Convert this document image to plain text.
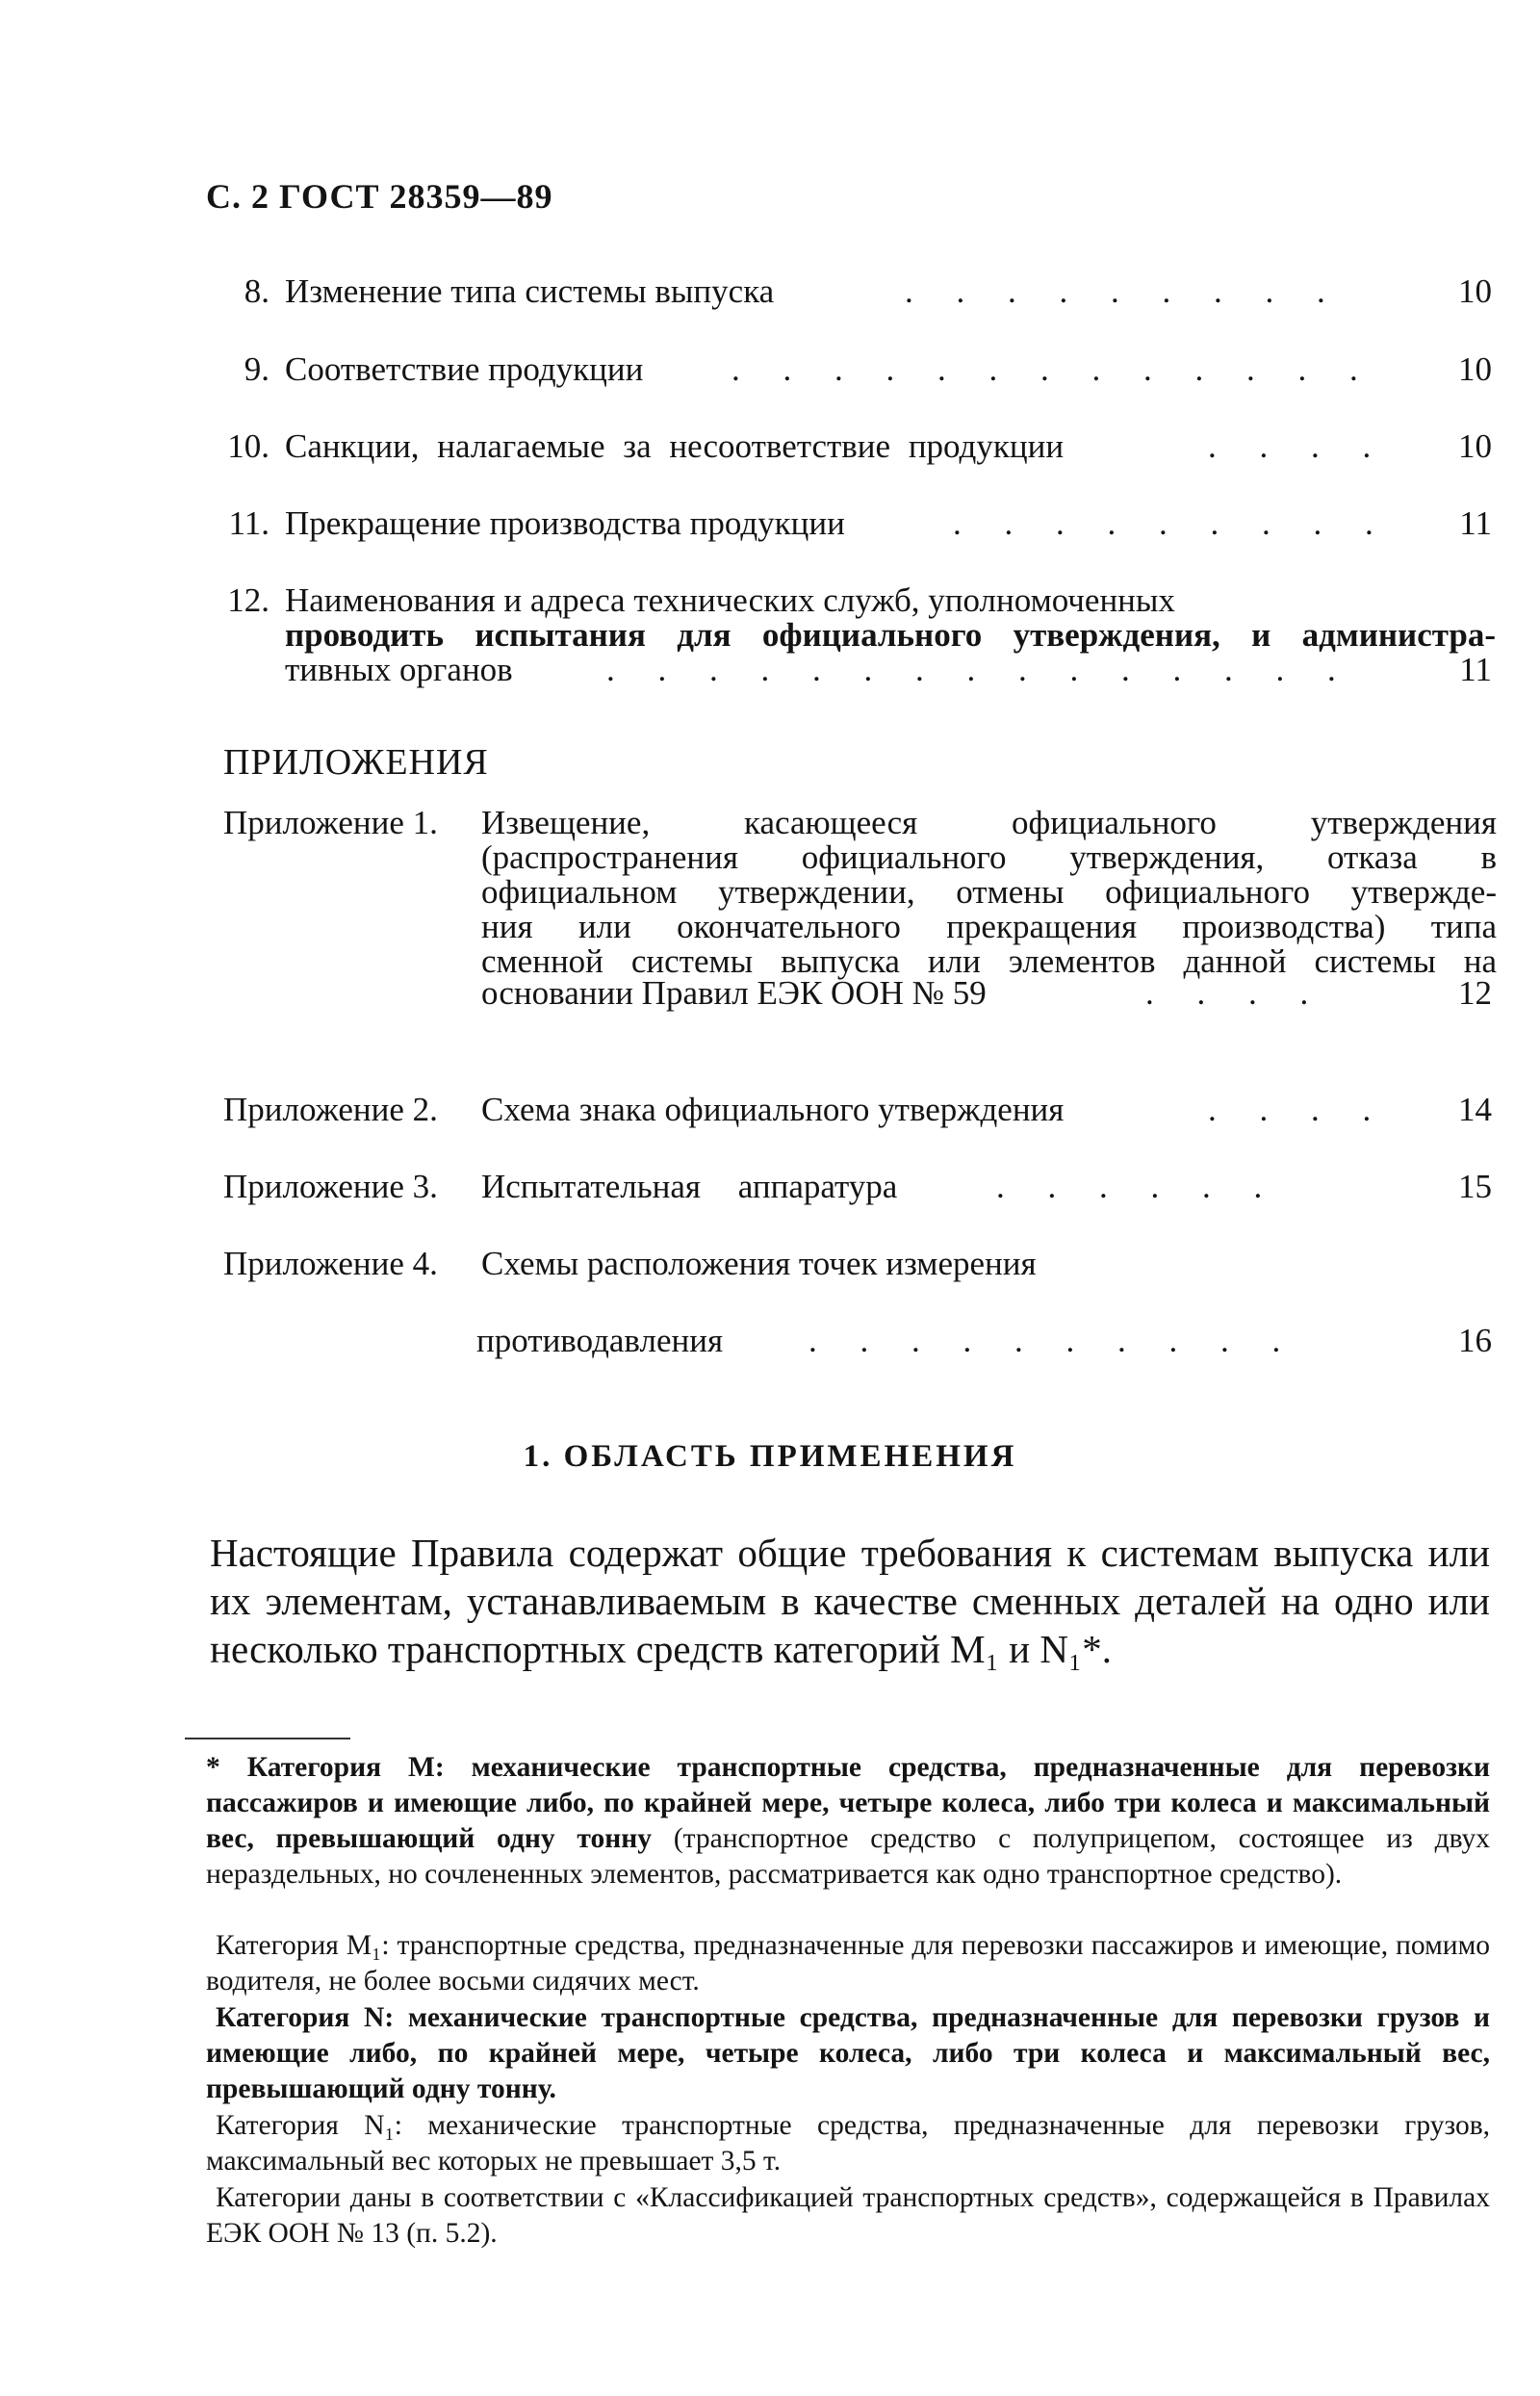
С. 2 ГОСТ 28359—89
8. Изменение типа системы выпуска	. . . . . . . . .	10
9. Соответствие продукции	. . . . . . . . . . . . .	10
10. Санкции, налагаемые за несоответствие продукции	. . . .	10
11. Прекращение производства продукции	. . . . . . . . .	11
12. Наименования и адреса технических служб, уполномоченных
проводить испытания для официального утверждения, и администра-
тивных органов	. . . . . . . . . . . . . . .	11
ПРИЛОЖЕНИЯ
Приложение 1. Извещение, касающееся официального утверждения
(распространения официального утверждения, отказа в
официальном утверждении, отмены официального утвержде-
ния или окончательного прекращения производства) типа
сменной системы выпуска или элементов данной системы на
основании Правил ЕЭК ООН № 59	. . . .	12
Приложение 2. Схема знака официального утверждения	. . . .	14
Приложение 3. Испытательная аппаратура	. . . . . .	15
Приложение 4. Схемы расположения точек измерения
противодавления	. . . . . . . . . .	16
1. ОБЛАСТЬ ПРИМЕНЕНИЯ
Настоящие Правила содержат общие требования к системам выпуска или их элементам, устанавливаемым в качестве сменных деталей на одно или несколько транспортных средств категорий M₁ и N₁*.
* Категория М: механические транспортные средства, предназначенные для перевозки пассажиров и имеющие либо, по крайней мере, четыре колеса, либо три колеса и максимальный вес, превышающий одну тонну (транспортное средство с полуприцепом, состоящее из двух нераздельных, но сочлененных элементов, рассматривается как одно транспортное средство).
Категория M₁: транспортные средства, предназначенные для перевозки пассажиров и имеющие, помимо водителя, не более восьми сидячих мест.
Категория N: механические транспортные средства, предназначенные для перевозки грузов и имеющие либо, по крайней мере, четыре колеса, либо три колеса и максимальный вес, превышающий одну тонну.
Категория N₁: механические транспортные средства, предназначенные для перевозки грузов, максимальный вес которых не превышает 3,5 т.
Категории даны в соответствии с «Классификацией транспортных средств», содержащейся в Правилах ЕЭК ООН № 13 (п. 5.2).
